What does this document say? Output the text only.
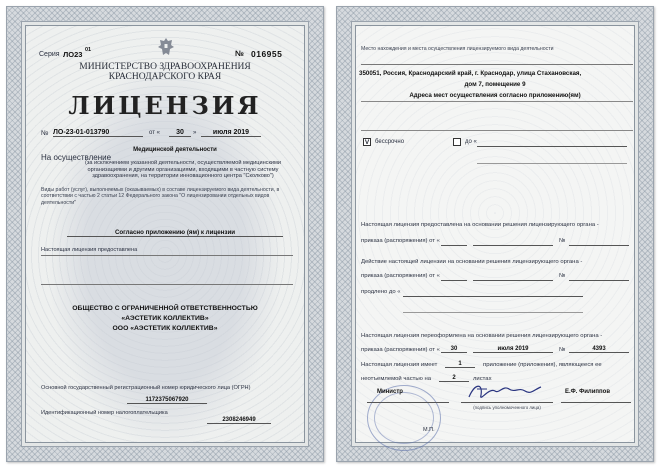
Серия ЛО23 01	№ 016955
МИНИСТЕРСТВО ЗДРАВООХРАНЕНИЯ
КРАСНОДАРСКОГО КРАЯ
ЛИЦЕНЗИЯ
№ ЛО-23-01-013790	от «	30	»	июля 2019
Медицинской деятельности
На осуществление
(за исключением указанной деятельности, осуществляемой медицинскими организациями и другими организациями, входящими в частную систему здравоохранения, на территории инновационного центра "Сколково")
Виды работ (услуг), выполняемых (оказываемых) в составе лицензируемого вида деятельности, в соответствии с частью 2 статьи 12 Федерального закона "О лицензировании отдельных видов деятельности"
Согласно приложению (ям) к лицензии
Настоящая лицензия предоставлена
ОБЩЕСТВО С ОГРАНИЧЕННОЙ ОТВЕТСТВЕННОСТЬЮ
«АЭСТЕТИК КОЛЛЕКТИВ»
ООО «АЭСТЕТИК КОЛЛЕКТИВ»
Основной государственный регистрационный номер юридического лица (ОГРН)
1172375067920
Идентификационный номер налогоплательщика
2308246949
Место нахождения и места осуществления лицензируемого вида деятельности
350051, Россия, Краснодарский край, г. Краснодар, улица Стахановская,
дом 7, помещение 9
Адреса мест осуществления согласно приложению(ям)
V бессрочно	до «
Настоящая лицензия предоставлена на основании решения лицензирующего органа -
приказа (распоряжения) от «	№
Действие настоящей лицензии на основании решения лицензирующего органа -
приказа (распоряжения) от «	№
продлено до «
Настоящая лицензия переоформлена на основании решения лицензирующего органа -
приказа (распоряжения) от «	30	июля 2019	№	4393
Настоящая лицензия имеет	1	приложение (приложения), являющееся ее
неотъемлемой частью на	2	листах
Министр
(подпись уполномоченного лица)
Е.Ф. Филиппов
М.П.
